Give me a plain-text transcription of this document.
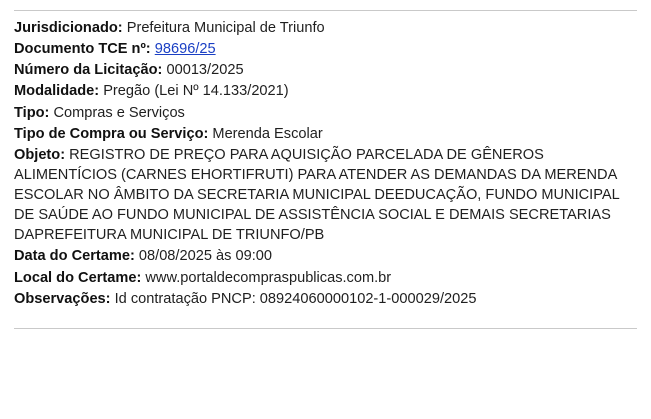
Jurisdicionado: Prefeitura Municipal de Triunfo
Documento TCE nº: 98696/25
Número da Licitação: 00013/2025
Modalidade: Pregão (Lei Nº 14.133/2021)
Tipo: Compras e Serviços
Tipo de Compra ou Serviço: Merenda Escolar
Objeto: REGISTRO DE PREÇO PARA AQUISIÇÃO PARCELADA DE GÊNEROS ALIMENTÍCIOS (CARNES EHORTIFRUTI) PARA ATENDER AS DEMANDAS DA MERENDA ESCOLAR NO ÂMBITO DA SECRETARIA MUNICIPAL DEEDUCAÇÃO, FUNDO MUNICIPAL DE SAÚDE AO FUNDO MUNICIPAL DE ASSISTÊNCIA SOCIAL E DEMAIS SECRETARIAS DAPREFEITURA MUNICIPAL DE TRIUNFO/PB
Data do Certame: 08/08/2025 às 09:00
Local do Certame: www.portaldecompraspublicas.com.br
Observações: Id contratação PNCP: 08924060000102-1-000029/2025
